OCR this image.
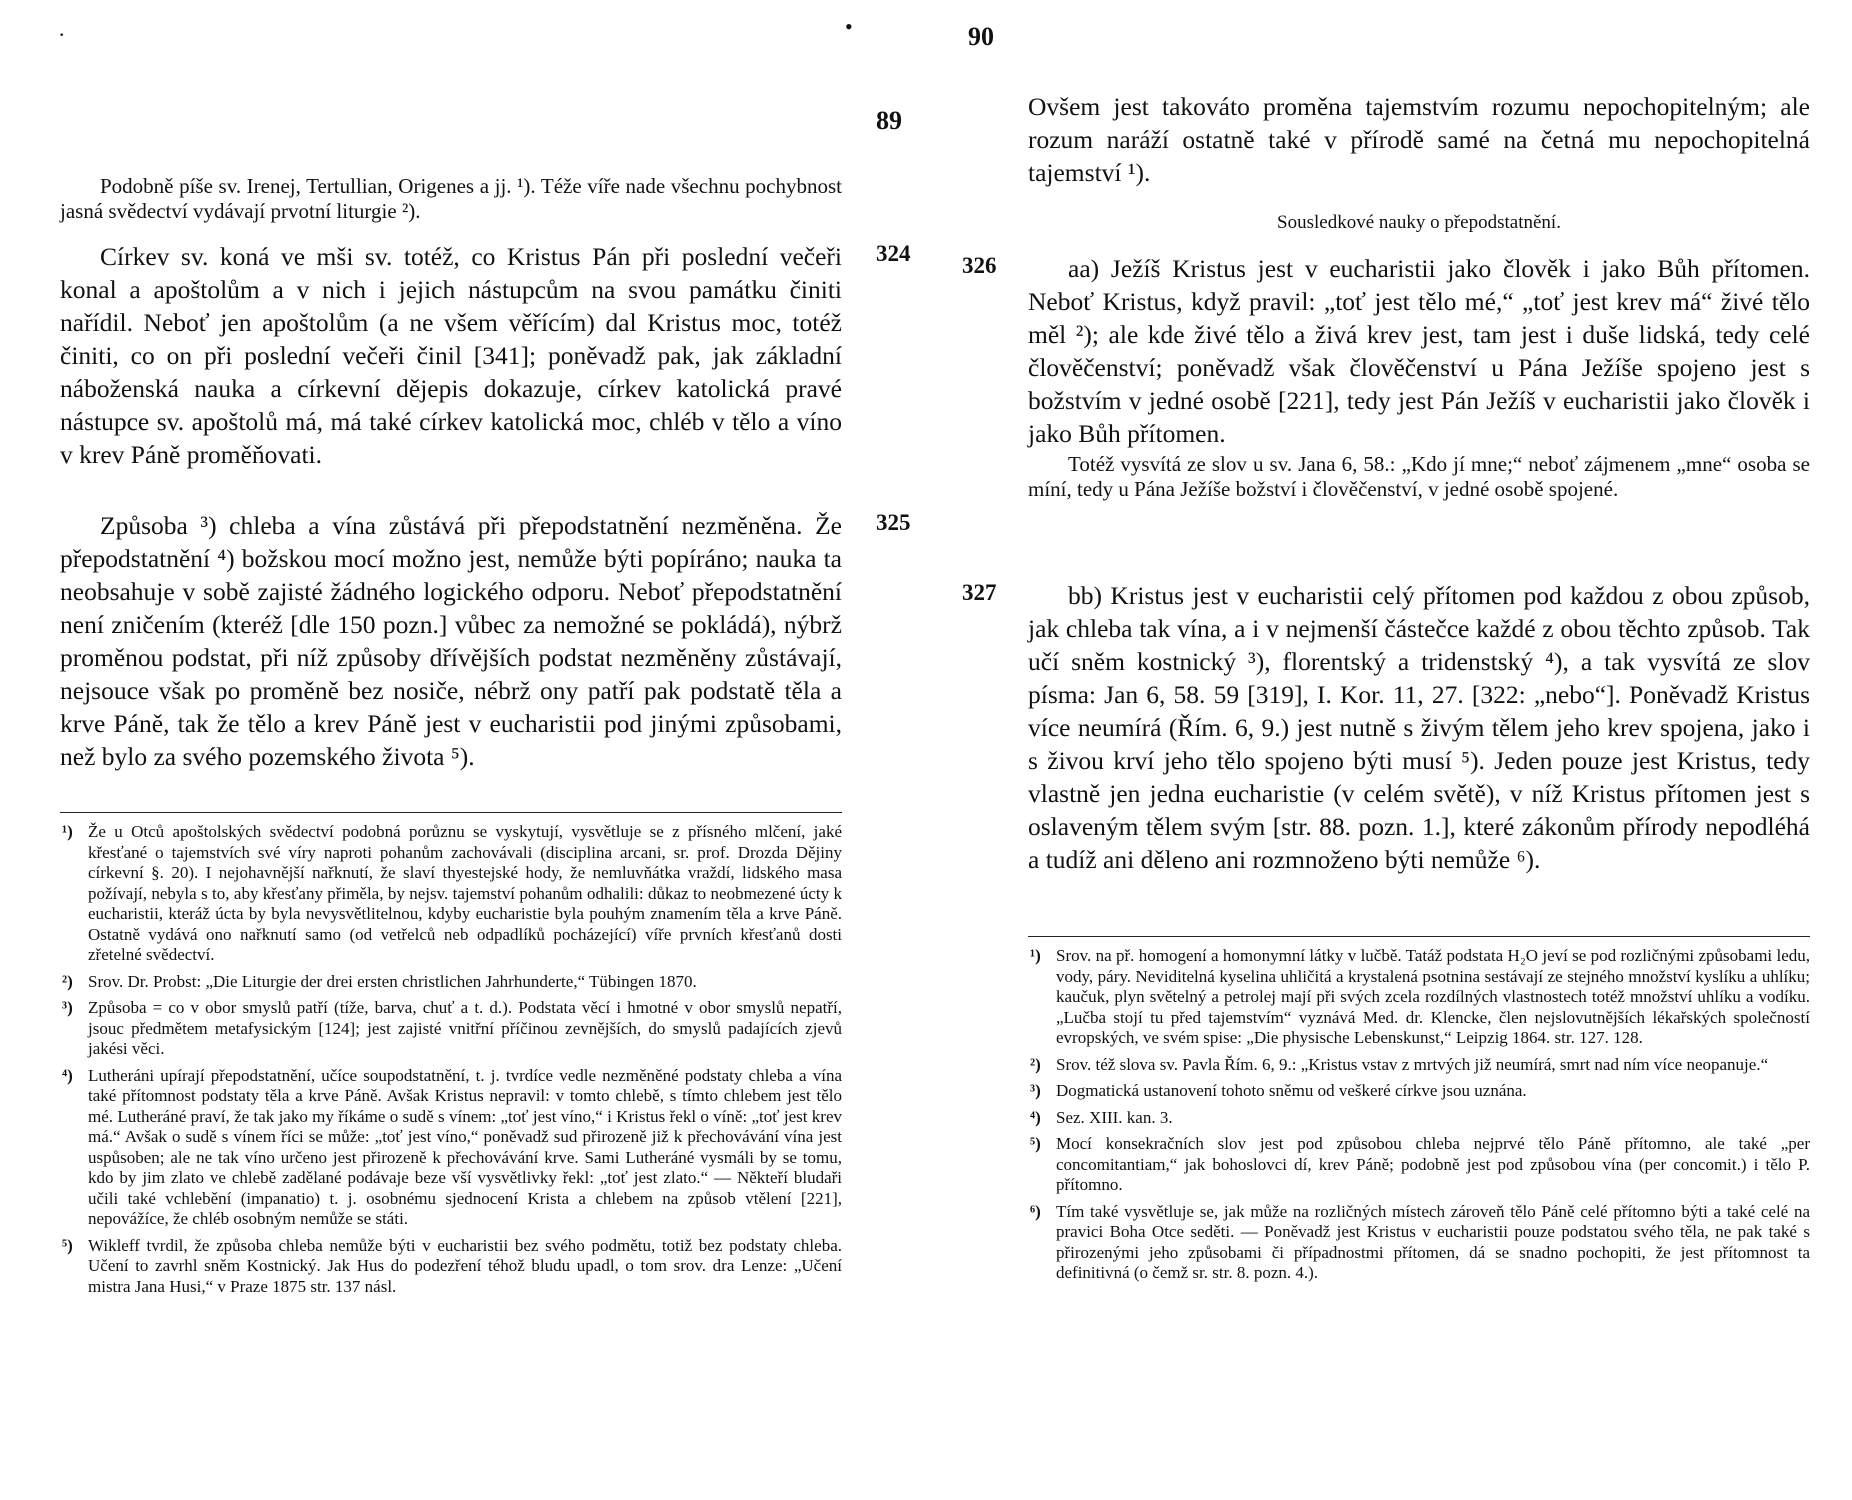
·	•
89

Podobně píše sv. Irenej, Tertullian, Origenes a jj. ¹). Téže víře nade všechnu pochybnost jasná svědectví vydávají prvotní liturgie ²).

324

Církev sv. koná ve mši sv. totéž, co Kristus Pán při poslední večeři konal a apoštolům a v nich i jejich nástupcům na svou památku činiti nařídil. Neboť jen apoštolům (a ne všem věřícím) dal Kristus moc, totéž činiti, co on při poslední večeři činil [341]; poněvadž pak, jak základní náboženská nauka a církevní dějepis dokazuje, církev katolická pravé nástupce sv. apoštolů má, má také církev katolická moc, chléb v tělo a víno v krev Páně proměňovati.

325

Způsoba ³) chleba a vína zůstává při přepodstatnění nezměněna. Že přepodstatnění ⁴) božskou mocí možno jest, nemůže býti popíráno; nauka ta neobsahuje v sobě zajisté žádného logického odporu. Neboť přepodstatnění není zničením (kteréž [dle 150 pozn.] vůbec za nemožné se pokládá), nýbrž proměnou podstat, při níž způsoby dřívějších podstat nezměněny zůstávají, nejsouce však po proměně bez nosiče, nébrž ony patří pak podstatě těla a krve Páně, tak že tělo a krev Páně jest v eucharistii pod jinými způsobami, než bylo za svého pozemského života ⁵).

¹) Že u Otců apoštolských svědectví podobná porůznu se vyskytují, vysvětluje se z přísného mlčení, jaké křesťané o tajemstvích své víry naproti pohanům zachovávali (disciplina arcani, sr. prof. Drozda Dějiny církevní §. 20). I nejohavnější nařknutí, že slaví thyestejské hody, že nemluvňátka vraždí, lidského masa požívají, nebyla s to, aby křesťany přiměla, by nejsv. tajemství pohanům odhalili: důkaz to neobmezené úcty k eucharistii, kteráž úcta by byla nevysvětlitelnou, kdyby eucharistie byla pouhým znamením těla a krve Páně. Ostatně vydává ono nařknutí samo (od vetřelců neb odpadlíků pocházející) víře prvních křesťanů dosti zřetelné svědectví.

²) Srov. Dr. Probst: „Die Liturgie der drei ersten christlichen Jahrhunderte,“ Tübingen 1870.

³) Způsoba = co v obor smyslů patří (tíže, barva, chuť a t. d.). Podstata věcí i hmotné v obor smyslů nepatří, jsouc předmětem metafysickým [124]; jest zajisté vnitřní příčinou zevnějších, do smyslů padajících zjevů jakési věci.

⁴) Lutheráni upírají přepodstatnění, učíce soupodstatnění, t. j. tvrdíce vedle nezměněné podstaty chleba a vína také přítomnost podstaty těla a krve Páně. Avšak Kristus nepravil: v tomto chlebě, s tímto chlebem jest tělo mé. Lutheráné praví, že tak jako my říkáme o sudě s vínem: „toť jest víno,“ i Kristus řekl o víně: „toť jest krev má.“ Avšak o sudě s vínem říci se může: „toť jest víno,“ poněvadž sud přirozeně již k přechovávání vína jest uspůsoben; ale ne tak víno určeno jest přirozeně k přechovávání krve. Sami Lutheráné vysmáli by se tomu, kdo by jim zlato ve chlebě zadělané podávaje beze vší vysvětlivky řekl: „toť jest zlato.“ — Někteří bludaři učili také vchlebění (impanatio) t. j. osobnému sjednocení Krista a chlebem na způsob vtělení [221], nepovážíce, že chléb osobným nemůže se státi.

⁵) Wikleff tvrdil, že způsoba chleba nemůže býti v eucharistii bez svého podmětu, totiž bez podstaty chleba. Učení to zavrhl sněm Kostnický. Jak Hus do podezření téhož bludu upadl, o tom srov. dra Lenze: „Učení mistra Jana Husi,“ v Praze 1875 str. 137 násl.

90

Ovšem jest takováto proměna tajemstvím rozumu nepochopitelným; ale rozum naráží ostatně také v přírodě samé na četná mu nepochopitelná tajemství ¹).

Sousledkové nauky o přepodstatnění.
326	aa) Ježíš Kristus jest v eucharistii jako člověk i jako Bůh přítomen. Neboť Kristus, když pravil: „toť jest tělo mé,“ „toť jest krev má“ živé tělo měl ²); ale kde živé tělo a živá krev jest, tam jest i duše lidská, tedy celé člověčenství; poněvadž však člověčenství u Pána Ježíše spojeno jest s božstvím v jedné osobě [221], tedy jest Pán Ježíš v eucharistii jako člověk i jako Bůh přítomen.

Totéž vysvítá ze slov u sv. Jana 6, 58.: „Kdo jí mne;“ neboť zájmenem „mne“ osoba se míní, tedy u Pána Ježíše božství i člověčenství, v jedné osobě spojené.

327	bb) Kristus jest v eucharistii celý přítomen pod každou z obou způsob, jak chleba tak vína, a i v nejmenší částečce každé z obou těchto způsob. Tak učí sněm kostnický ³), florentský a tridenstský ⁴), a tak vysvítá ze slov písma: Jan 6, 58. 59 [319], I. Kor. 11, 27. [322: „nebo“]. Poněvadž Kristus více neumírá (Řím. 6, 9.) jest nutně s živým tělem jeho krev spojena, jako i s živou krví jeho tělo spojeno býti musí ⁵). Jeden pouze jest Kristus, tedy vlastně jen jedna eucharistie (v celém světě), v níž Kristus přítomen jest s oslaveným tělem svým [str. 88. pozn. 1.], které zákonům přírody nepodléhá a tudíž ani děleno ani rozmnoženo býti nemůže ⁶).

¹) Srov. na př. homogení a homonymní látky v lučbě. Tatáž podstata H₂O jeví se pod rozličnými způsobami ledu, vody, páry. Neviditelná kyselina uhličitá a krystalená psotnina sestávají ze stejného množství kyslíku a uhlíku; kaučuk, plyn světelný a petrolej mají při svých zcela rozdílných vlastnostech totéž množství uhlíku a vodíku. „Lučba stojí tu před tajemstvím“ vyznává Med. dr. Klencke, člen nejslovutnějších lékařských společností evropských, ve svém spise: „Die physische Lebenskunst,“ Leipzig 1864. str. 127. 128.

²) Srov. též slova sv. Pavla Řím. 6, 9.: „Kristus vstav z mrtvých již neumírá, smrt nad ním více neopanuje.“

³) Dogmatická ustanovení tohoto sněmu od veškeré církve jsou uznána.

⁴) Sez. XIII. kan. 3.

⁵) Mocí konsekračních slov jest pod způsobou chleba nejprvé tělo Páně přítomno, ale také „per concomitantiam,“ jak bohoslovci dí, krev Páně; podobně jest pod způsobou vína (per concomit.) i tělo P. přítomno.

⁶) Tím také vysvětluje se, jak může na rozličných místech zároveň tělo Páně celé přítomno býti a také celé na pravici Boha Otce seděti. — Poněvadž jest Kristus v eucharistii pouze podstatou svého těla, ne pak také s přirozenými jeho způsobami či případnostmi přítomen, dá se snadno pochopiti, že jest přítomnost ta definitivná (o čemž sr. str. 8. pozn. 4.).
